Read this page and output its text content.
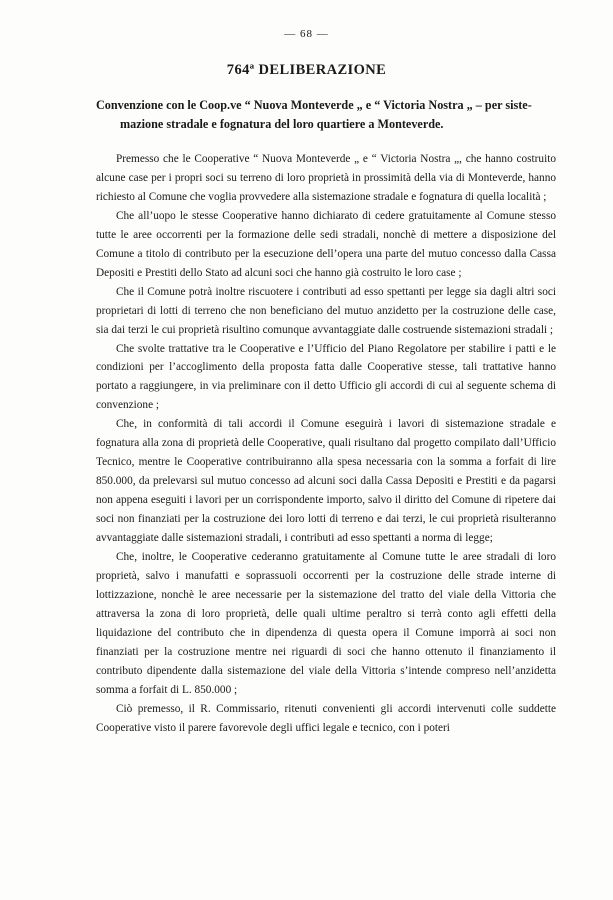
— 68 —
764ª DELIBERAZIONE
Convenzione con le Coop.ve “ Nuova Monteverde „ e “ Victoria Nostra „ – per siste-
mazione stradale e fognatura del loro quartiere a Monteverde.

Premesso che le Cooperative “ Nuova Monteverde „ e “ Victoria Nostra „, che hanno costruito alcune case per i propri soci su terreno di loro proprietà in prossimità della via di Monteverde, hanno richiesto al Comune che voglia provvedere alla sistemazione stradale e fognatura di quella località ;

Che all’uopo le stesse Cooperative hanno dichiarato di cedere gratuitamente al Comune stesso tutte le aree occorrenti per la formazione delle sedi stradali, nonchè di mettere a disposizione del Comune a titolo di contributo per la esecuzione dell’opera una parte del mutuo concesso dalla Cassa Depositi e Prestiti dello Stato ad alcuni soci che hanno già costruito le loro case ;

Che il Comune potrà inoltre riscuotere i contributi ad esso spettanti per legge sia dagli altri soci proprietari di lotti di terreno che non beneficiano del mutuo anzidetto per la costruzione delle case, sia dai terzi le cui proprietà risultino comunque avvantaggiate dalle costruende sistemazioni stradali ;

Che svolte trattative tra le Cooperative e l’Ufficio del Piano Regolatore per stabilire i patti e le condizioni per l’accoglimento della proposta fatta dalle Cooperative stesse, tali trattative hanno portato a raggiungere, in via preliminare con il detto Ufficio gli accordi di cui al seguente schema di convenzione ;

Che, in conformità di tali accordi il Comune eseguirà i lavori di sistemazione stradale e fognatura alla zona di proprietà delle Cooperative, quali risultano dal progetto compilato dall’Ufficio Tecnico, mentre le Cooperative contribuiranno alla spesa necessaria con la somma a forfait di lire 850.000, da prelevarsi sul mutuo concesso ad alcuni soci dalla Cassa Depositi e Prestiti e da pagarsi non appena eseguiti i lavori per un corrispondente importo, salvo il diritto del Comune di ripetere dai soci non finanziati per la costruzione dei loro lotti di terreno e dai terzi, le cui proprietà risulteranno avvantaggiate dalle sistemazioni stradali, i contributi ad esso spettanti a norma di legge;

Che, inoltre, le Cooperative cederanno gratuitamente al Comune tutte le aree stradali di loro proprietà, salvo i manufatti e soprassuoli occorrenti per la costruzione delle strade interne di lottizzazione, nonchè le aree necessarie per la sistemazione del tratto del viale della Vittoria che attraversa la zona di loro proprietà, delle quali ultime peraltro si terrà conto agli effetti della liquidazione del contributo che in dipendenza di questa opera il Comune imporrà ai soci non finanziati per la costruzione mentre nei riguardi di soci che hanno ottenuto il finanziamento il contributo dipendente dalla sistemazione del viale della Vittoria s’intende compreso nell’anzidetta somma a forfait di L. 850.000 ;

Ciò premesso, il R. Commissario, ritenuti convenienti gli accordi intervenuti colle suddette Cooperative visto il parere favorevole degli uffici legale e tecnico, con i poteri
